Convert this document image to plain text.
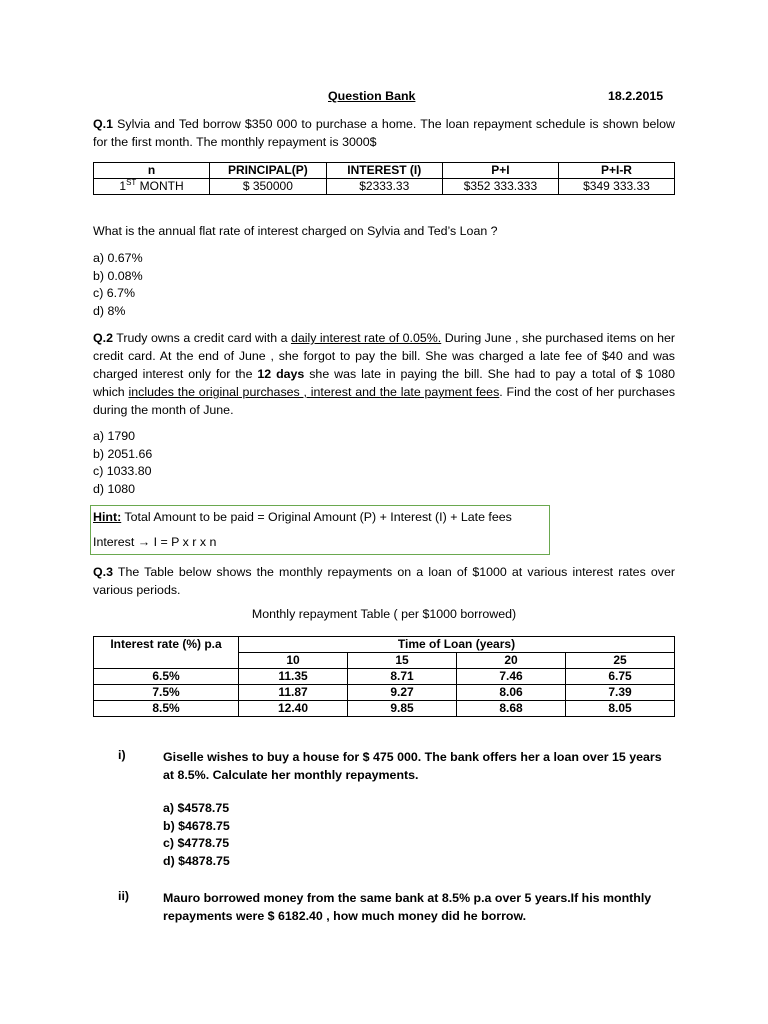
Question Bank	18.2.2015

Q.1 Sylvia and Ted borrow $350 000 to purchase a home. The loan repayment schedule is shown below for the first month. The monthly repayment is 3000$

n	PRINCIPAL(P)	INTEREST (I)	P+I	P+I-R
1ST MONTH	$ 350000	$2333.33	$352 333.333	$349 333.33

What is the annual flat rate of interest charged on Sylvia and Ted’s Loan ?

a) 0.67%
b) 0.08%
c) 6.7%
d) 8%

Q.2 Trudy owns a credit card with a daily interest rate of 0.05%. During June , she purchased items on her credit card. At the end of June , she forgot to pay the bill. She was charged a late fee of $40 and was charged interest only for the 12 days she was late in paying the bill. She had to pay a total of $ 1080 which includes the original purchases , interest and the late payment fees. Find the cost of her purchases during the month of June.

a) 1790
b) 2051.66
c) 1033.80
d) 1080
Hint: Total Amount to be paid = Original Amount (P) + Interest (I) + Late fees
Interest → I = P x r x n

Q.3 The Table below shows the monthly repayments on a loan of $1000 at various interest rates over various periods.

Monthly repayment Table ( per $1000 borrowed)
Interest rate (%) p.a	Time of Loan (years)			
	10	15	20	25
6.5%	11.35	8.71	7.46	6.75
7.5%	11.87	9.27	8.06	7.39
8.5%	12.40	9.85	8.68	8.05
i)	Giselle wishes to buy a house for $ 475 000. The bank offers her a loan over 15 years at 8.5%. Calculate her monthly repayments.

a) $4578.75
b) $4678.75
c) $4778.75
d) $4878.75
ii)	Mauro borrowed money from the same bank at 8.5% p.a over 5 years.If his monthly repayments were $ 6182.40 , how much money did he borrow.
